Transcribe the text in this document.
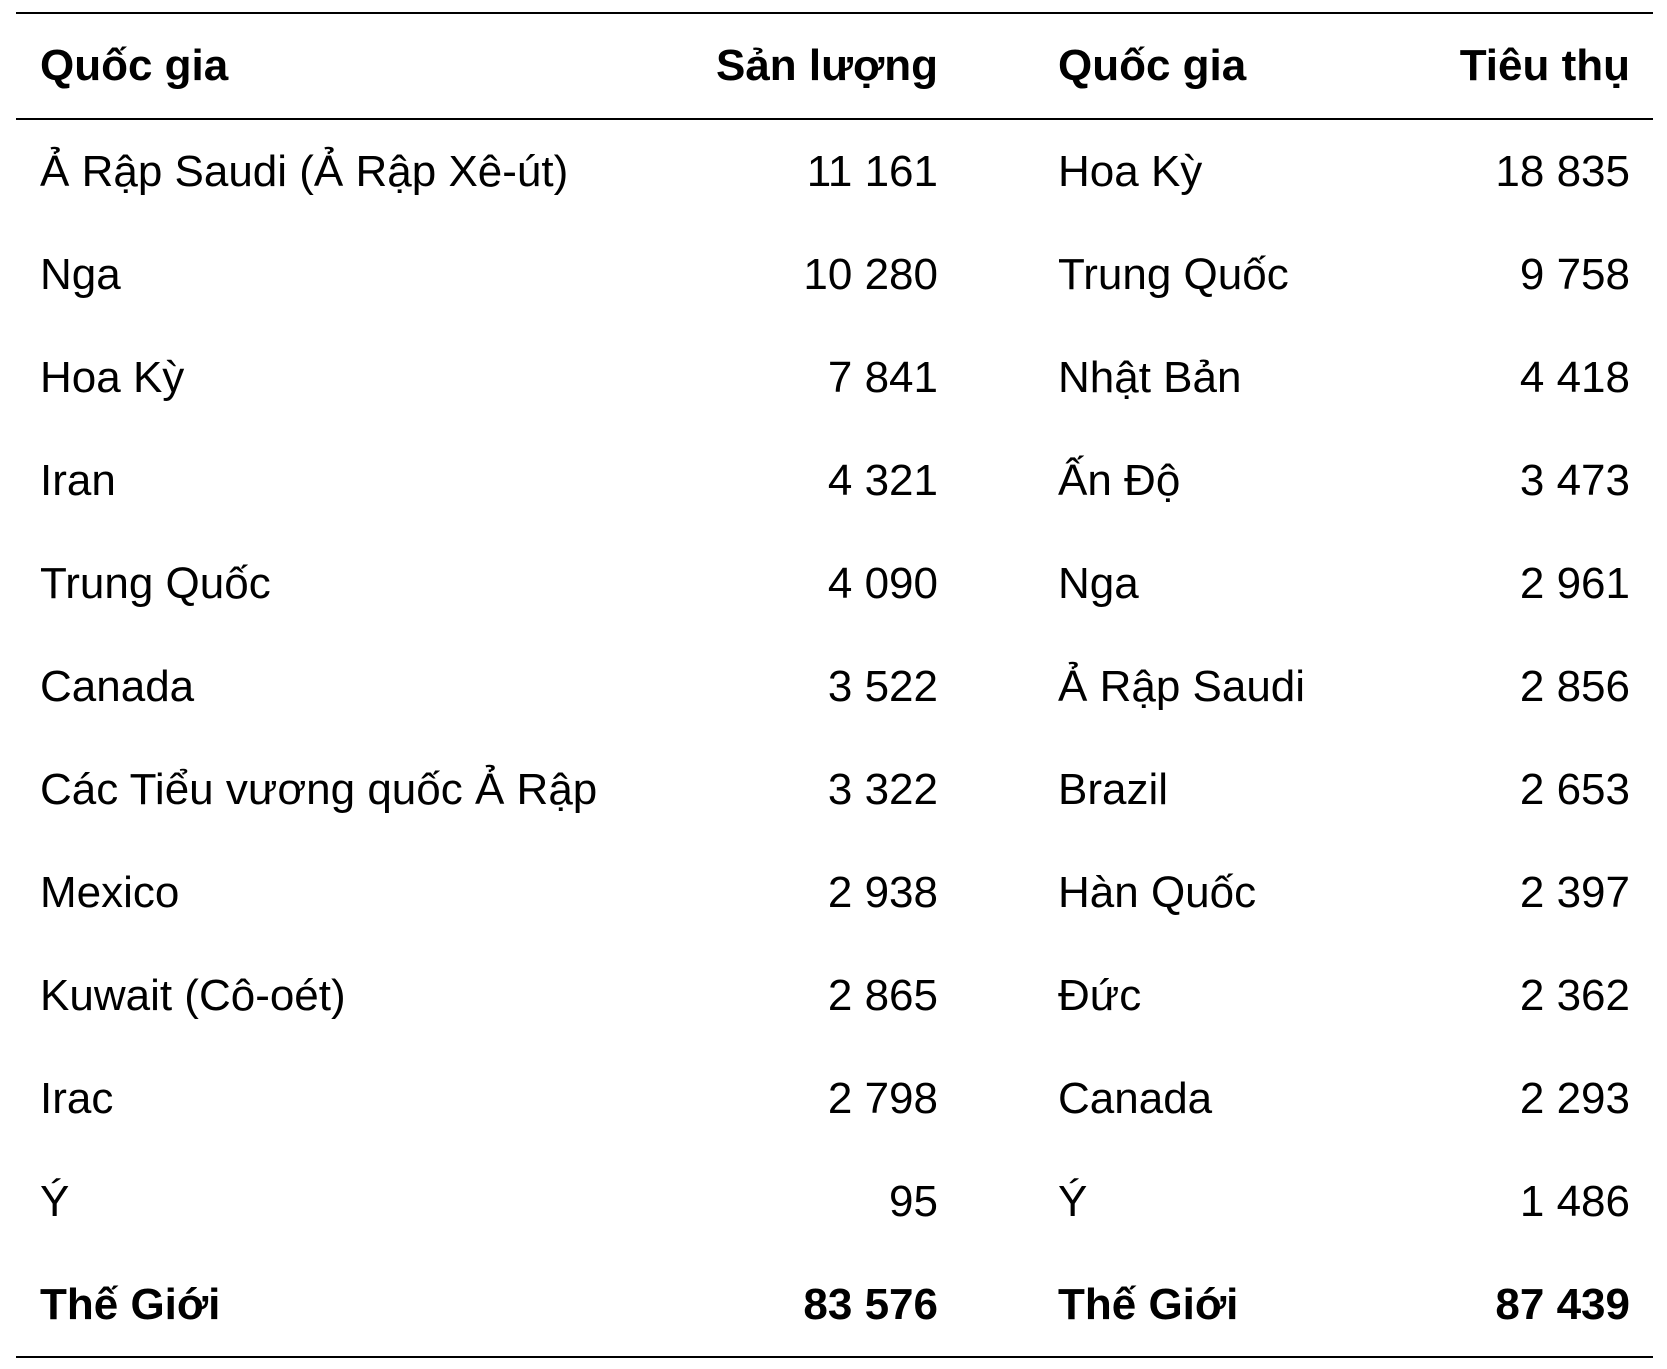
Quốc gia	Sản lượng	Quốc gia	Tiêu thụ
Ả Rập Saudi (Ả Rập Xê-út)	11 161	Hoa Kỳ	18 835
Nga	10 280	Trung Quốc	9 758
Hoa Kỳ	7 841	Nhật Bản	4 418
Iran	4 321	Ấn Độ	3 473
Trung Quốc	4 090	Nga	2 961
Canada	3 522	Ả Rập Saudi	2 856
Các Tiểu vương quốc Ả Rập	3 322	Brazil	2 653
Mexico	2 938	Hàn Quốc	2 397
Kuwait (Cô-oét)	2 865	Đức	2 362
Irac	2 798	Canada	2 293
Ý	95	Ý	1 486
Thế Giới	83 576	Thế Giới	87 439
